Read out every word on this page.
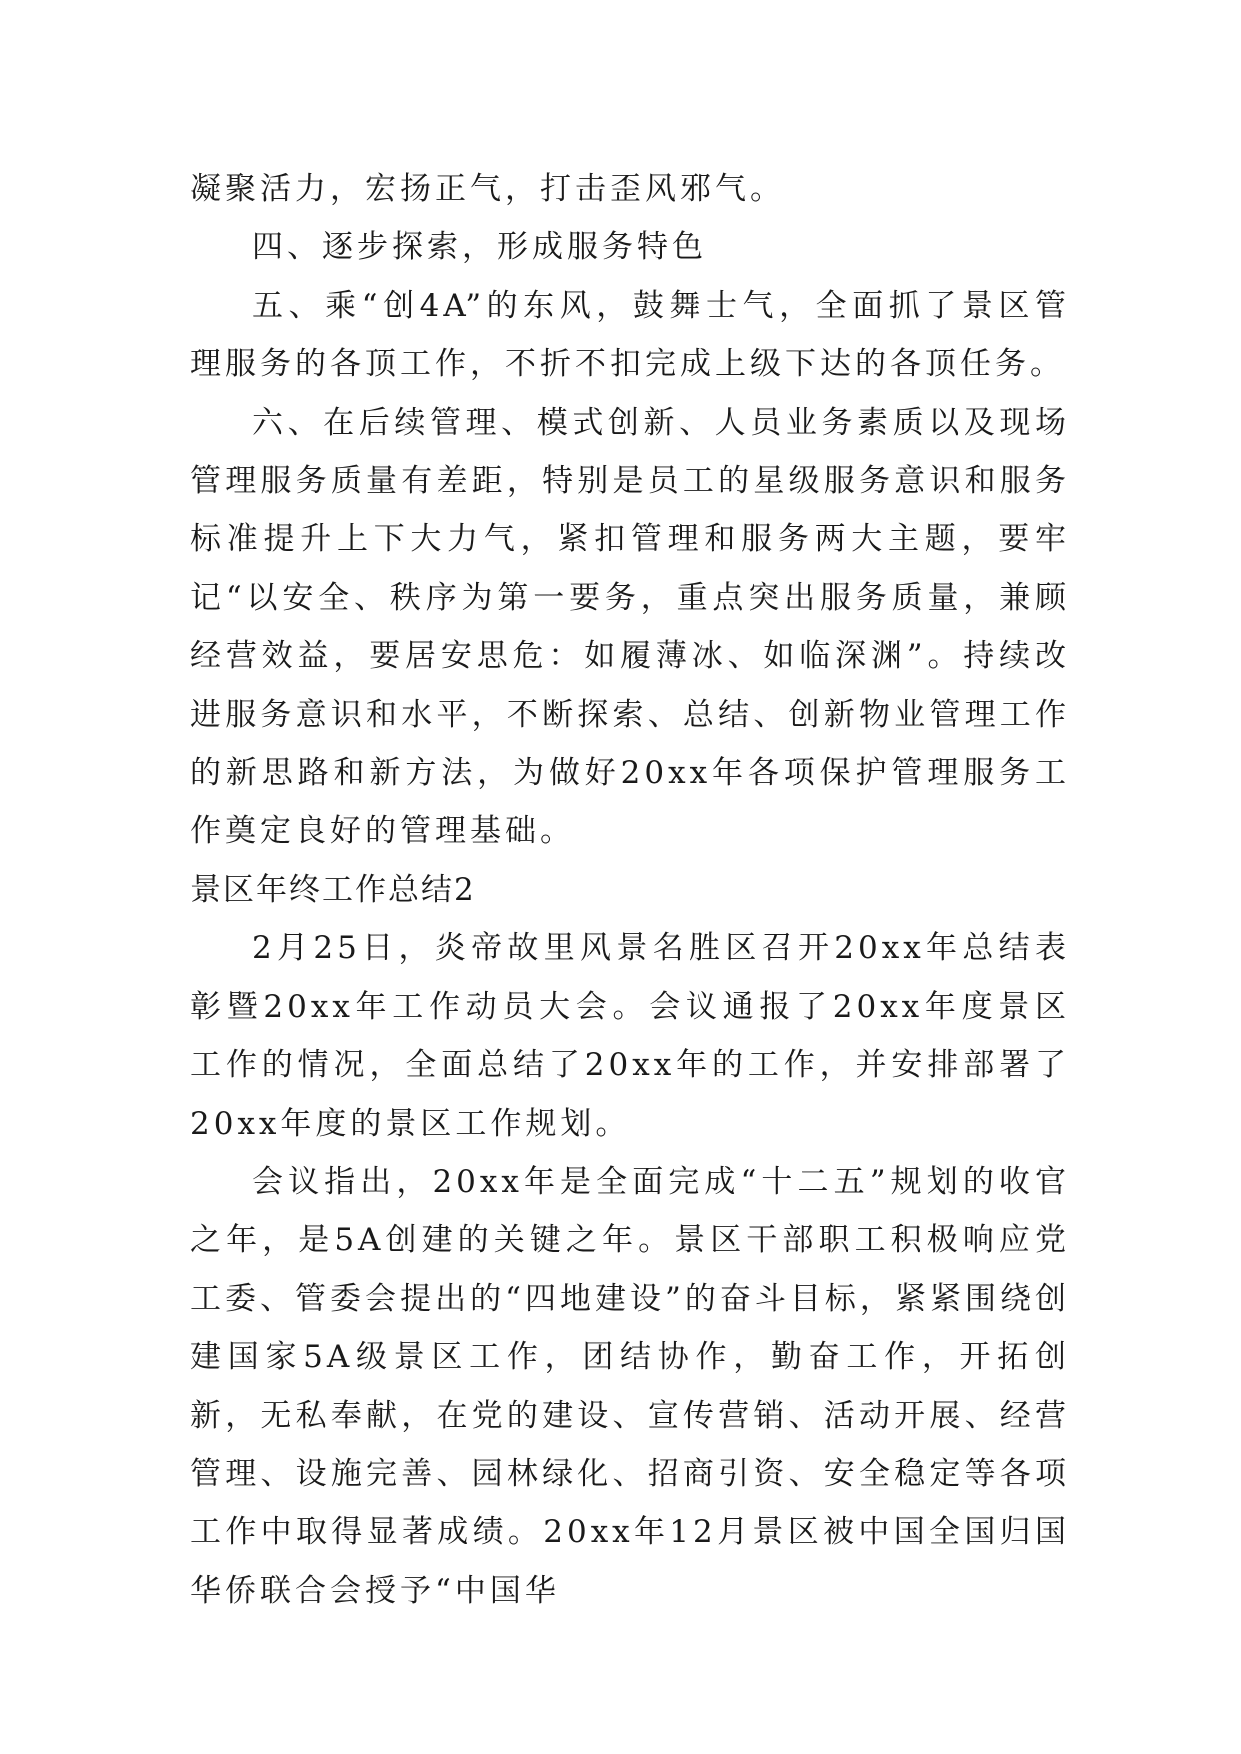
凝聚活力，宏扬正气，打击歪风邪气。

四、逐步探索，形成服务特色

五、乘“创4A”的东风，鼓舞士气，全面抓了景区管理服务的各顶工作，不折不扣完成上级下达的各顶任务。

六、在后续管理、模式创新、人员业务素质以及现场管理服务质量有差距，特别是员工的星级服务意识和服务标准提升上下大力气，紧扣管理和服务两大主题，要牢记“以安全、秩序为第一要务，重点突出服务质量，兼顾经营效益，要居安思危：如履薄冰、如临深渊”。持续改进服务意识和水平，不断探索、总结、创新物业管理工作的新思路和新方法，为做好20xx年各项保护管理服务工作奠定良好的管理基础。

景区年终工作总结2

2月25日，炎帝故里风景名胜区召开20xx年总结表彰暨20xx年工作动员大会。会议通报了20xx年度景区工作的情况，全面总结了20xx年的工作，并安排部署了20xx年度的景区工作规划。

会议指出，20xx年是全面完成“十二五”规划的收官之年，是5A创建的关键之年。景区干部职工积极响应党工委、管委会提出的“四地建设”的奋斗目标，紧紧围绕创建国家5A级景区工作，团结协作，勤奋工作，开拓创新，无私奉献，在党的建设、宣传营销、活动开展、经营管理、设施完善、园林绿化、招商引资、安全稳定等各项工作中取得显著成绩。20xx年12月景区被中国全国归国华侨联合会授予“中国华
